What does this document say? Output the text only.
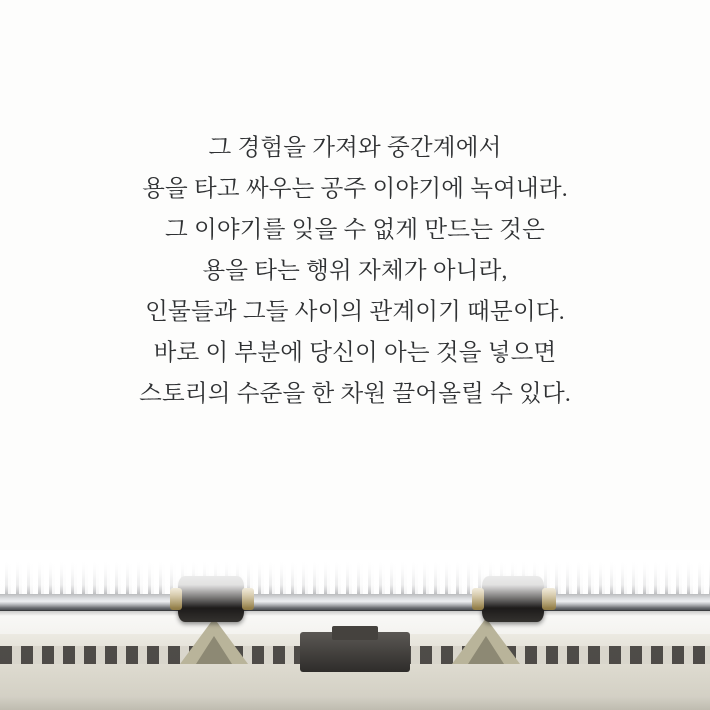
그 경험을 가져와 중간계에서
용을 타고 싸우는 공주 이야기에 녹여내라.
그 이야기를 잊을 수 없게 만드는 것은
용을 타는 행위 자체가 아니라,
인물들과 그들 사이의 관계이기 때문이다.
바로 이 부분에 당신이 아는 것을 넣으면
스토리의 수준을 한 차원 끌어올릴 수 있다.
